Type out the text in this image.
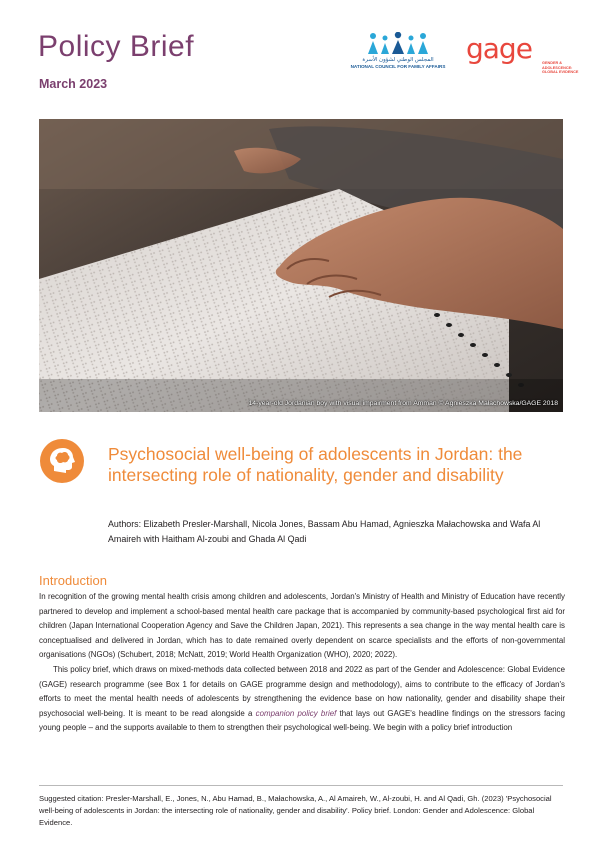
Policy Brief
March 2023
المجلس الوطني لشؤون الأسرة
NATIONAL COUNCIL FOR FAMILY AFFAIRS
gage	GENDER & ADOLESCENCE: GLOBAL EVIDENCE
14-year-old Jordanian boy with visual impairment from Amman © Agnieszka Małachowska/GAGE 2018
Psychosocial well-being of adolescents in Jordan: the intersecting role of nationality, gender and disability
Authors: Elizabeth Presler-Marshall, Nicola Jones, Bassam Abu Hamad, Agnieszka Małachowska and Wafa Al Amaireh with Haitham Al-zoubi and Ghada Al Qadi
Introduction

In recognition of the growing mental health crisis among children and adolescents, Jordan's Ministry of Health and Ministry of Education have recently partnered to develop and implement a school-based mental health care package that is accompanied by community-based psychological first aid for children (Japan International Cooperation Agency and Save the Children Japan, 2021). This represents a sea change in the way mental health care is conceptualised and delivered in Jordan, which has to date remained overly dependent on scarce specialists and the efforts of non-governmental organisations (NGOs) (Schubert, 2018; McNatt, 2019; World Health Organization (WHO), 2020; 2022).

This policy brief, which draws on mixed-methods data collected between 2018 and 2022 as part of the Gender and Adolescence: Global Evidence (GAGE) research programme (see Box 1 for details on GAGE programme design and methodology), aims to contribute to the efficacy of Jordan's efforts to meet the mental health needs of adolescents by strengthening the evidence base on how nationality, gender and disability shape their psychosocial well-being. It is meant to be read alongside a companion policy brief that lays out GAGE's headline findings on the stressors facing young people – and the supports available to them to strengthen their psychological well-being. We begin with a policy brief introduction

Suggested citation: Presler-Marshall, E., Jones, N., Abu Hamad, B., Małachowska, A., Al Amaireh, W., Al-zoubi, H. and Al Qadi, Gh. (2023) 'Psychosocial well-being of adolescents in Jordan: the intersecting role of nationality, gender and disability'. Policy brief. London: Gender and Adolescence: Global Evidence.
